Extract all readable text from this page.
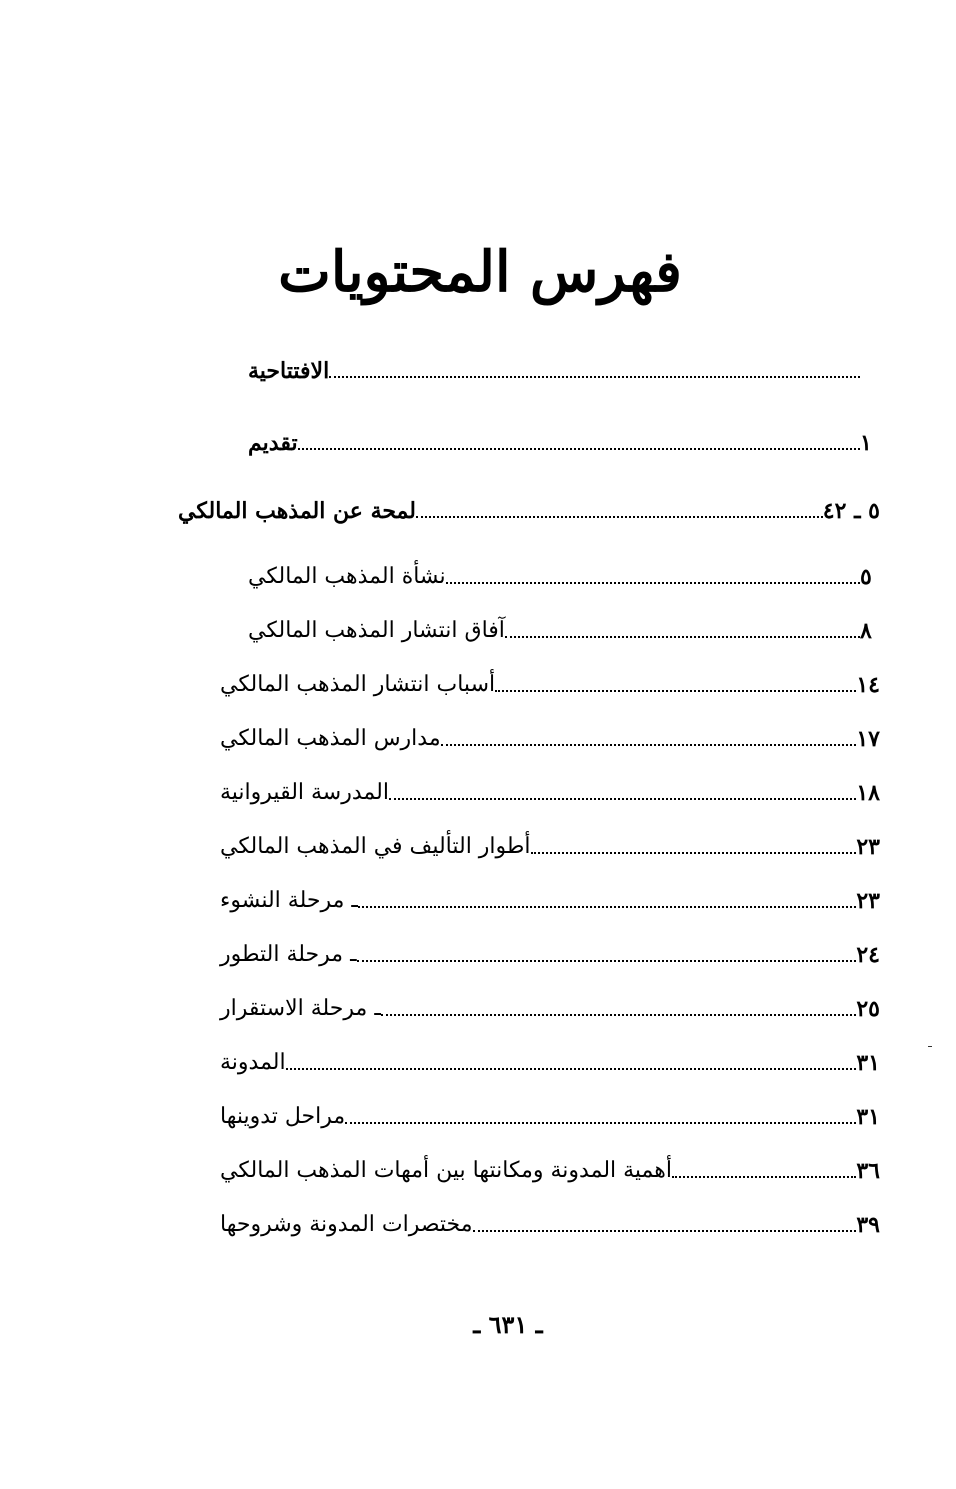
فهرس المحتويات
الافتتاحية
تقديم	١
لمحة عن المذهب المالكي	٥ ـ ٤٢
نشأة المذهب المالكي	٥
آفاق انتشار المذهب المالكي	٨
أسباب انتشار المذهب المالكي	١٤
مدارس المذهب المالكي	١٧
المدرسة القيروانية	١٨
أطوار التأليف في المذهب المالكي	٢٣
ـ مرحلة النشوء	٢٣
ـ مرحلة التطور	٢٤
ـ مرحلة الاستقرار	٢٥
المدونة	٣١
مراحل تدوينها	٣١
أهمية المدونة ومكانتها بين أمهات المذهب المالكي	٣٦
مختصرات المدونة وشروحها	٣٩
ـ ٦٣١ ـ
